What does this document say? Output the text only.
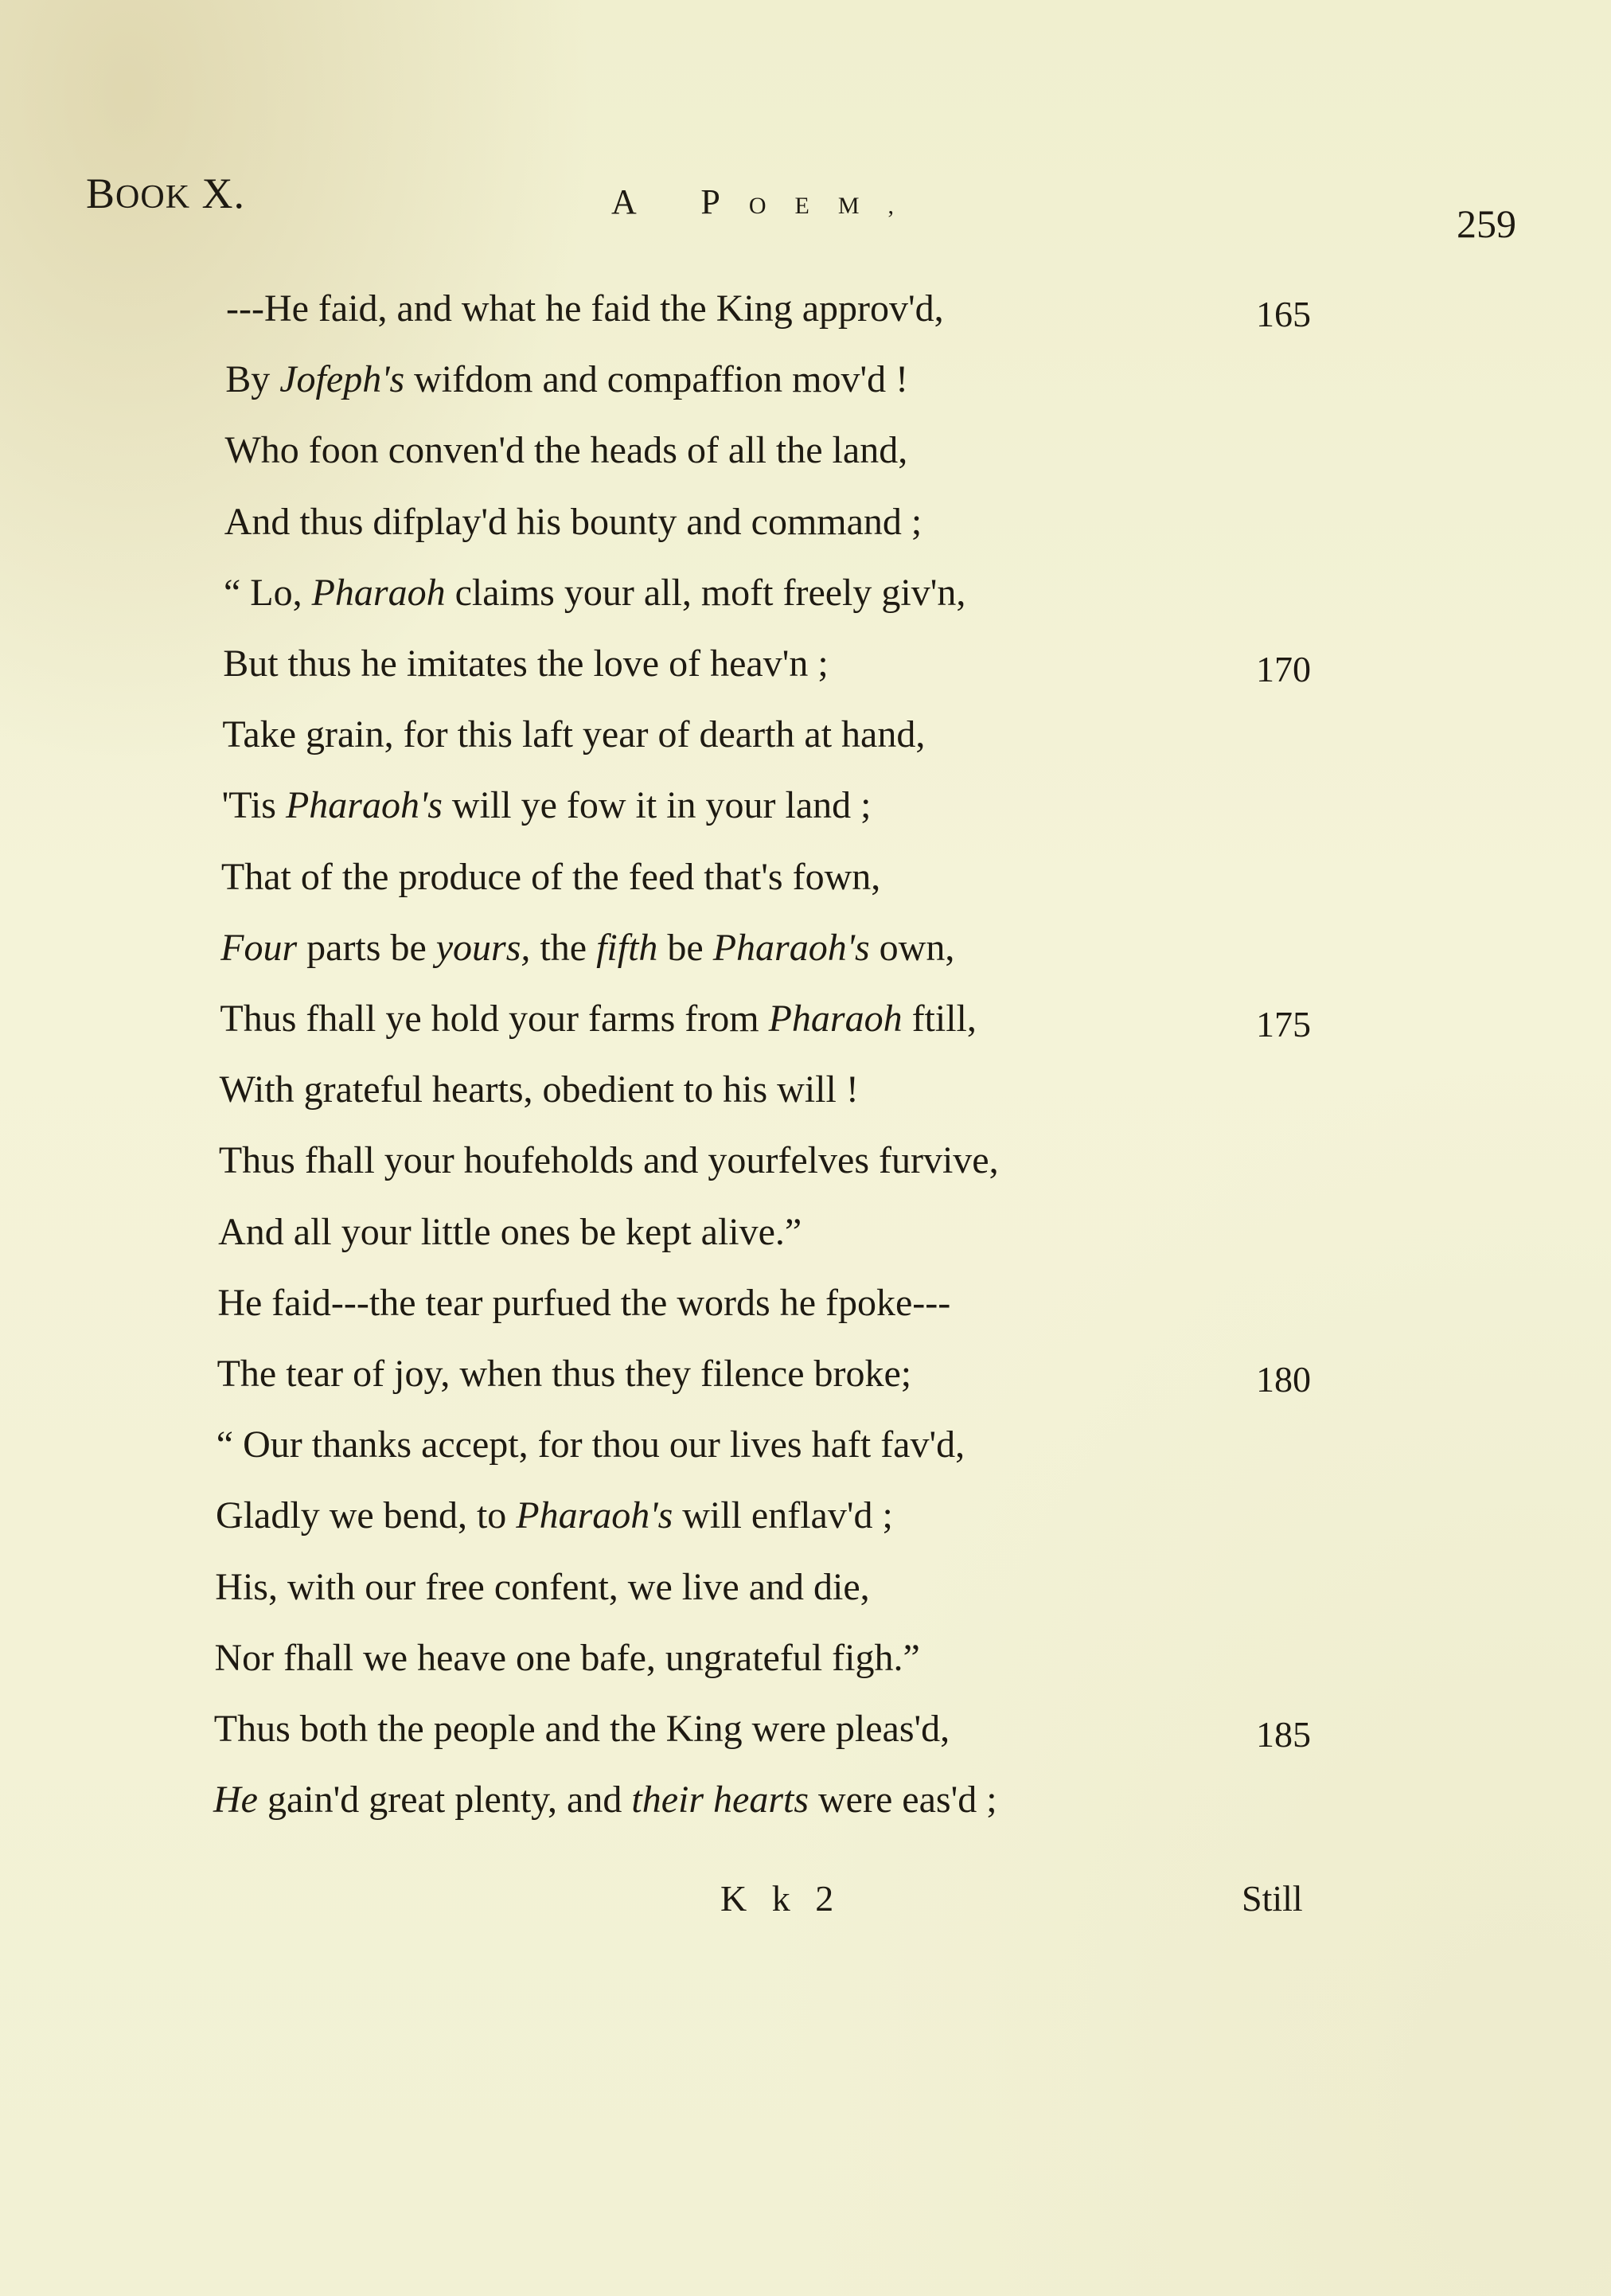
BOOK X.	A POEM,	259
---He faid, and what he faid the King approv'd,	165
By Jofeph's wifdom and compaffion mov'd !
Who foon conven'd the heads of all the land,
And thus difplay'd his bounty and command ;
“ Lo, Pharaoh claims your all, moft freely giv'n,
But thus he imitates the love of heav'n ;	170
Take grain, for this laft year of dearth at hand,
'Tis Pharaoh's will ye fow it in your land ;
That of the produce of the feed that's fown,
Four parts be yours, the fifth be Pharaoh's own,
Thus fhall ye hold your farms from Pharaoh ftill,	175
With grateful hearts, obedient to his will !
Thus fhall your houfeholds and yourfelves furvive,
And all your little ones be kept alive.”
He faid---the tear purfued the words he fpoke---
The tear of joy, when thus they filence broke;	180
“ Our thanks accept, for thou our lives haft fav'd,
Gladly we bend, to Pharaoh's will enflav'd ;
His, with our free confent, we live and die,
Nor fhall we heave one bafe, ungrateful figh.”
Thus both the people and the King were pleas'd,	185
He gain'd great plenty, and their hearts were eas'd ;
K k 2	Still
